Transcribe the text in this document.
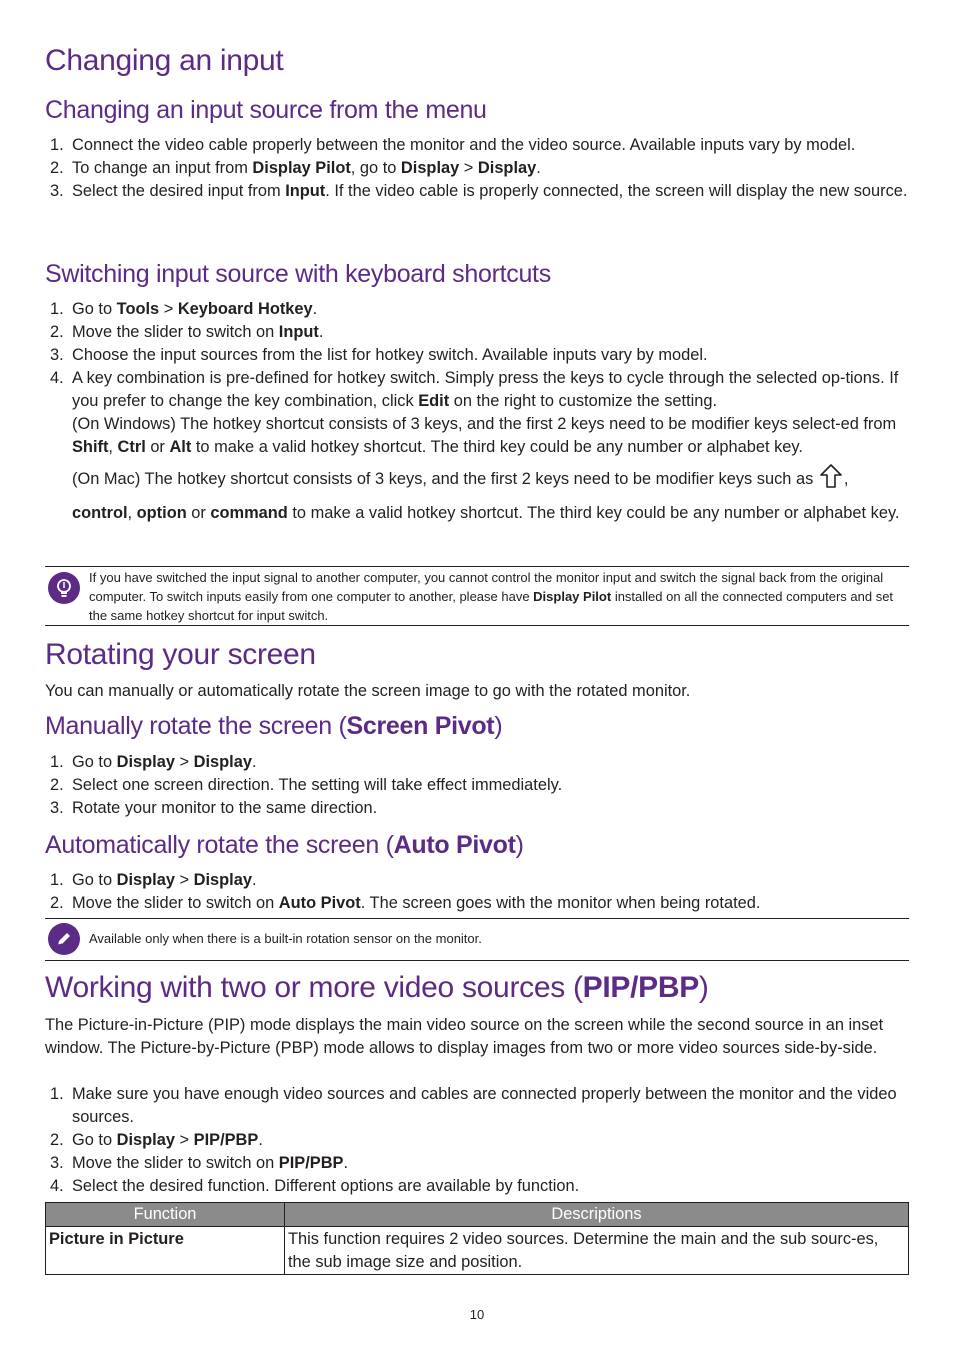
Changing an input
Changing an input source from the menu
1. Connect the video cable properly between the monitor and the video source. Available inputs vary by model.
2. To change an input from Display Pilot, go to Display > Display.
3. Select the desired input from Input. If the video cable is properly connected, the screen will display the new source.
Switching input source with keyboard shortcuts
1. Go to Tools > Keyboard Hotkey.
2. Move the slider to switch on Input.
3. Choose the input sources from the list for hotkey switch. Available inputs vary by model.
4. A key combination is pre-defined for hotkey switch. Simply press the keys to cycle through the selected op-tions. If you prefer to change the key combination, click Edit on the right to customize the setting.
(On Windows) The hotkey shortcut consists of 3 keys, and the first 2 keys need to be modifier keys select-ed from Shift, Ctrl or Alt to make a valid hotkey shortcut. The third key could be any number or alphabet key.
(On Mac) The hotkey shortcut consists of 3 keys, and the first 2 keys need to be modifier keys such as ,
control, option or command to make a valid hotkey shortcut. The third key could be any number or alphabet key.
If you have switched the input signal to another computer, you cannot control the monitor input and switch the signal back from the original computer. To switch inputs easily from one computer to another, please have Display Pilot installed on all the connected computers and set the same hotkey shortcut for input switch.
Rotating your screen
You can manually or automatically rotate the screen image to go with the rotated monitor.
Manually rotate the screen (Screen Pivot)
1. Go to Display > Display.
2. Select one screen direction. The setting will take effect immediately.
3. Rotate your monitor to the same direction.
Automatically rotate the screen (Auto Pivot)
1. Go to Display > Display.
2. Move the slider to switch on Auto Pivot. The screen goes with the monitor when being rotated.
Available only when there is a built-in rotation sensor on the monitor.
Working with two or more video sources (PIP/PBP)
The Picture-in-Picture (PIP) mode displays the main video source on the screen while the second source in an inset window. The Picture-by-Picture (PBP) mode allows to display images from two or more video sources side-by-side.
1. Make sure you have enough video sources and cables are connected properly between the monitor and the video sources.
2. Go to Display > PIP/PBP.
3. Move the slider to switch on PIP/PBP.
4. Select the desired function. Different options are available by function.
Function	Descriptions
Picture in Picture	This function requires 2 video sources. Determine the main and the sub sourc-es, the sub image size and position.
10
